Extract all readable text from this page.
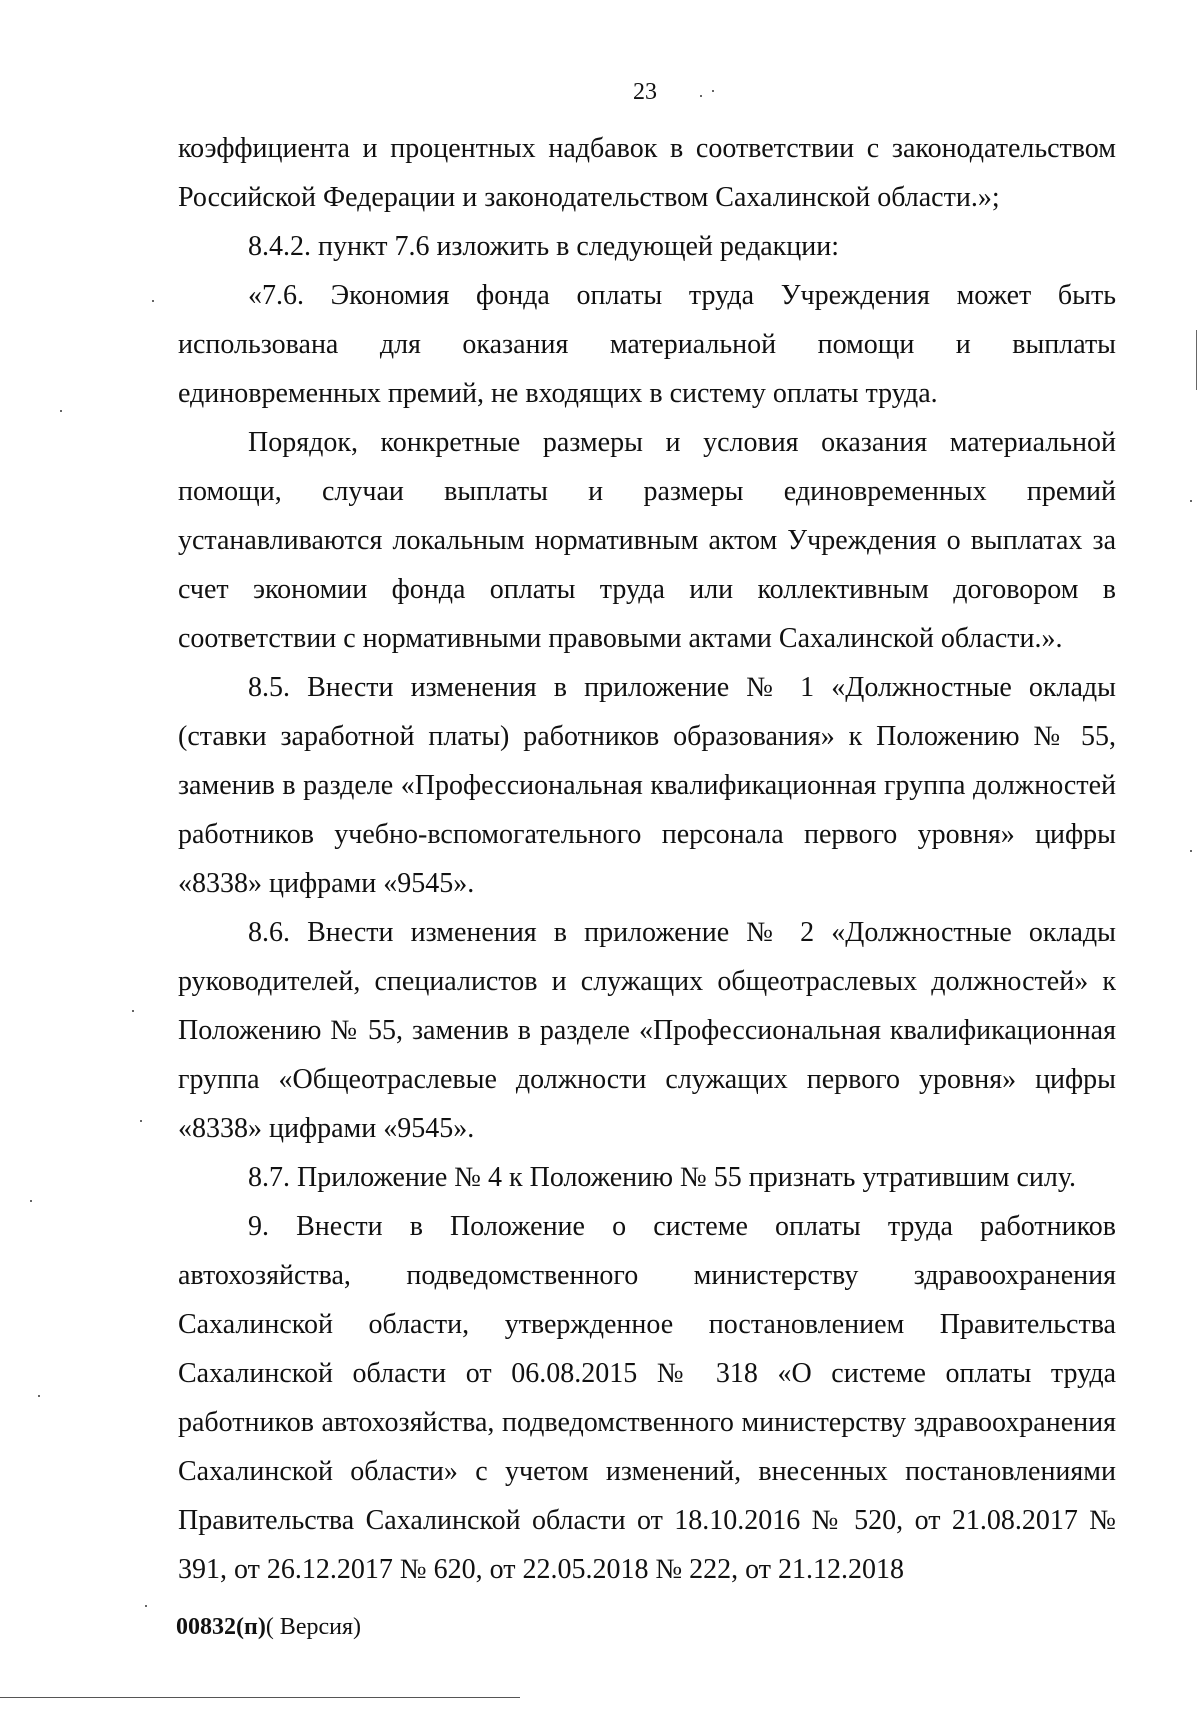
23

коэффициента и процентных надбавок в соответствии с законодательством Российской Федерации и законодательством Сахалинской области.»;

8.4.2. пункт 7.6 изложить в следующей редакции:

«7.6. Экономия фонда оплаты труда Учреждения может быть использована для оказания материальной помощи и выплаты единовременных премий, не входящих в систему оплаты труда.

Порядок, конкретные размеры и условия оказания материальной помощи, случаи выплаты и размеры единовременных премий устанавливаются локальным нормативным актом Учреждения о выплатах за счет экономии фонда оплаты труда или коллективным договором в соответствии с нормативными правовыми актами Сахалинской области.».

8.5. Внести изменения в приложение № 1 «Должностные оклады (ставки заработной платы) работников образования» к Положению № 55, заменив в разделе «Профессиональная квалификационная группа должностей работников учебно-вспомогательного персонала первого уровня» цифры «8338» цифрами «9545».

8.6. Внести изменения в приложение № 2 «Должностные оклады руководителей, специалистов и служащих общеотраслевых должностей» к Положению № 55, заменив в разделе «Профессиональная квалификационная группа «Общеотраслевые должности служащих первого уровня» цифры «8338» цифрами «9545».

8.7. Приложение № 4 к Положению № 55 признать утратившим силу.

9. Внести в Положение о системе оплаты труда работников автохозяйства, подведомственного министерству здравоохранения Сахалинской области, утвержденное постановлением Правительства Сахалинской области от 06.08.2015 № 318 «О системе оплаты труда работников автохозяйства, подведомственного министерству здравоохранения Сахалинской области» с учетом изменений, внесенных постановлениями Правительства Сахалинской области от 18.10.2016 № 520, от 21.08.2017 № 391, от 26.12.2017 № 620, от 22.05.2018 № 222, от 21.12.2018

00832(п)( Версия)
